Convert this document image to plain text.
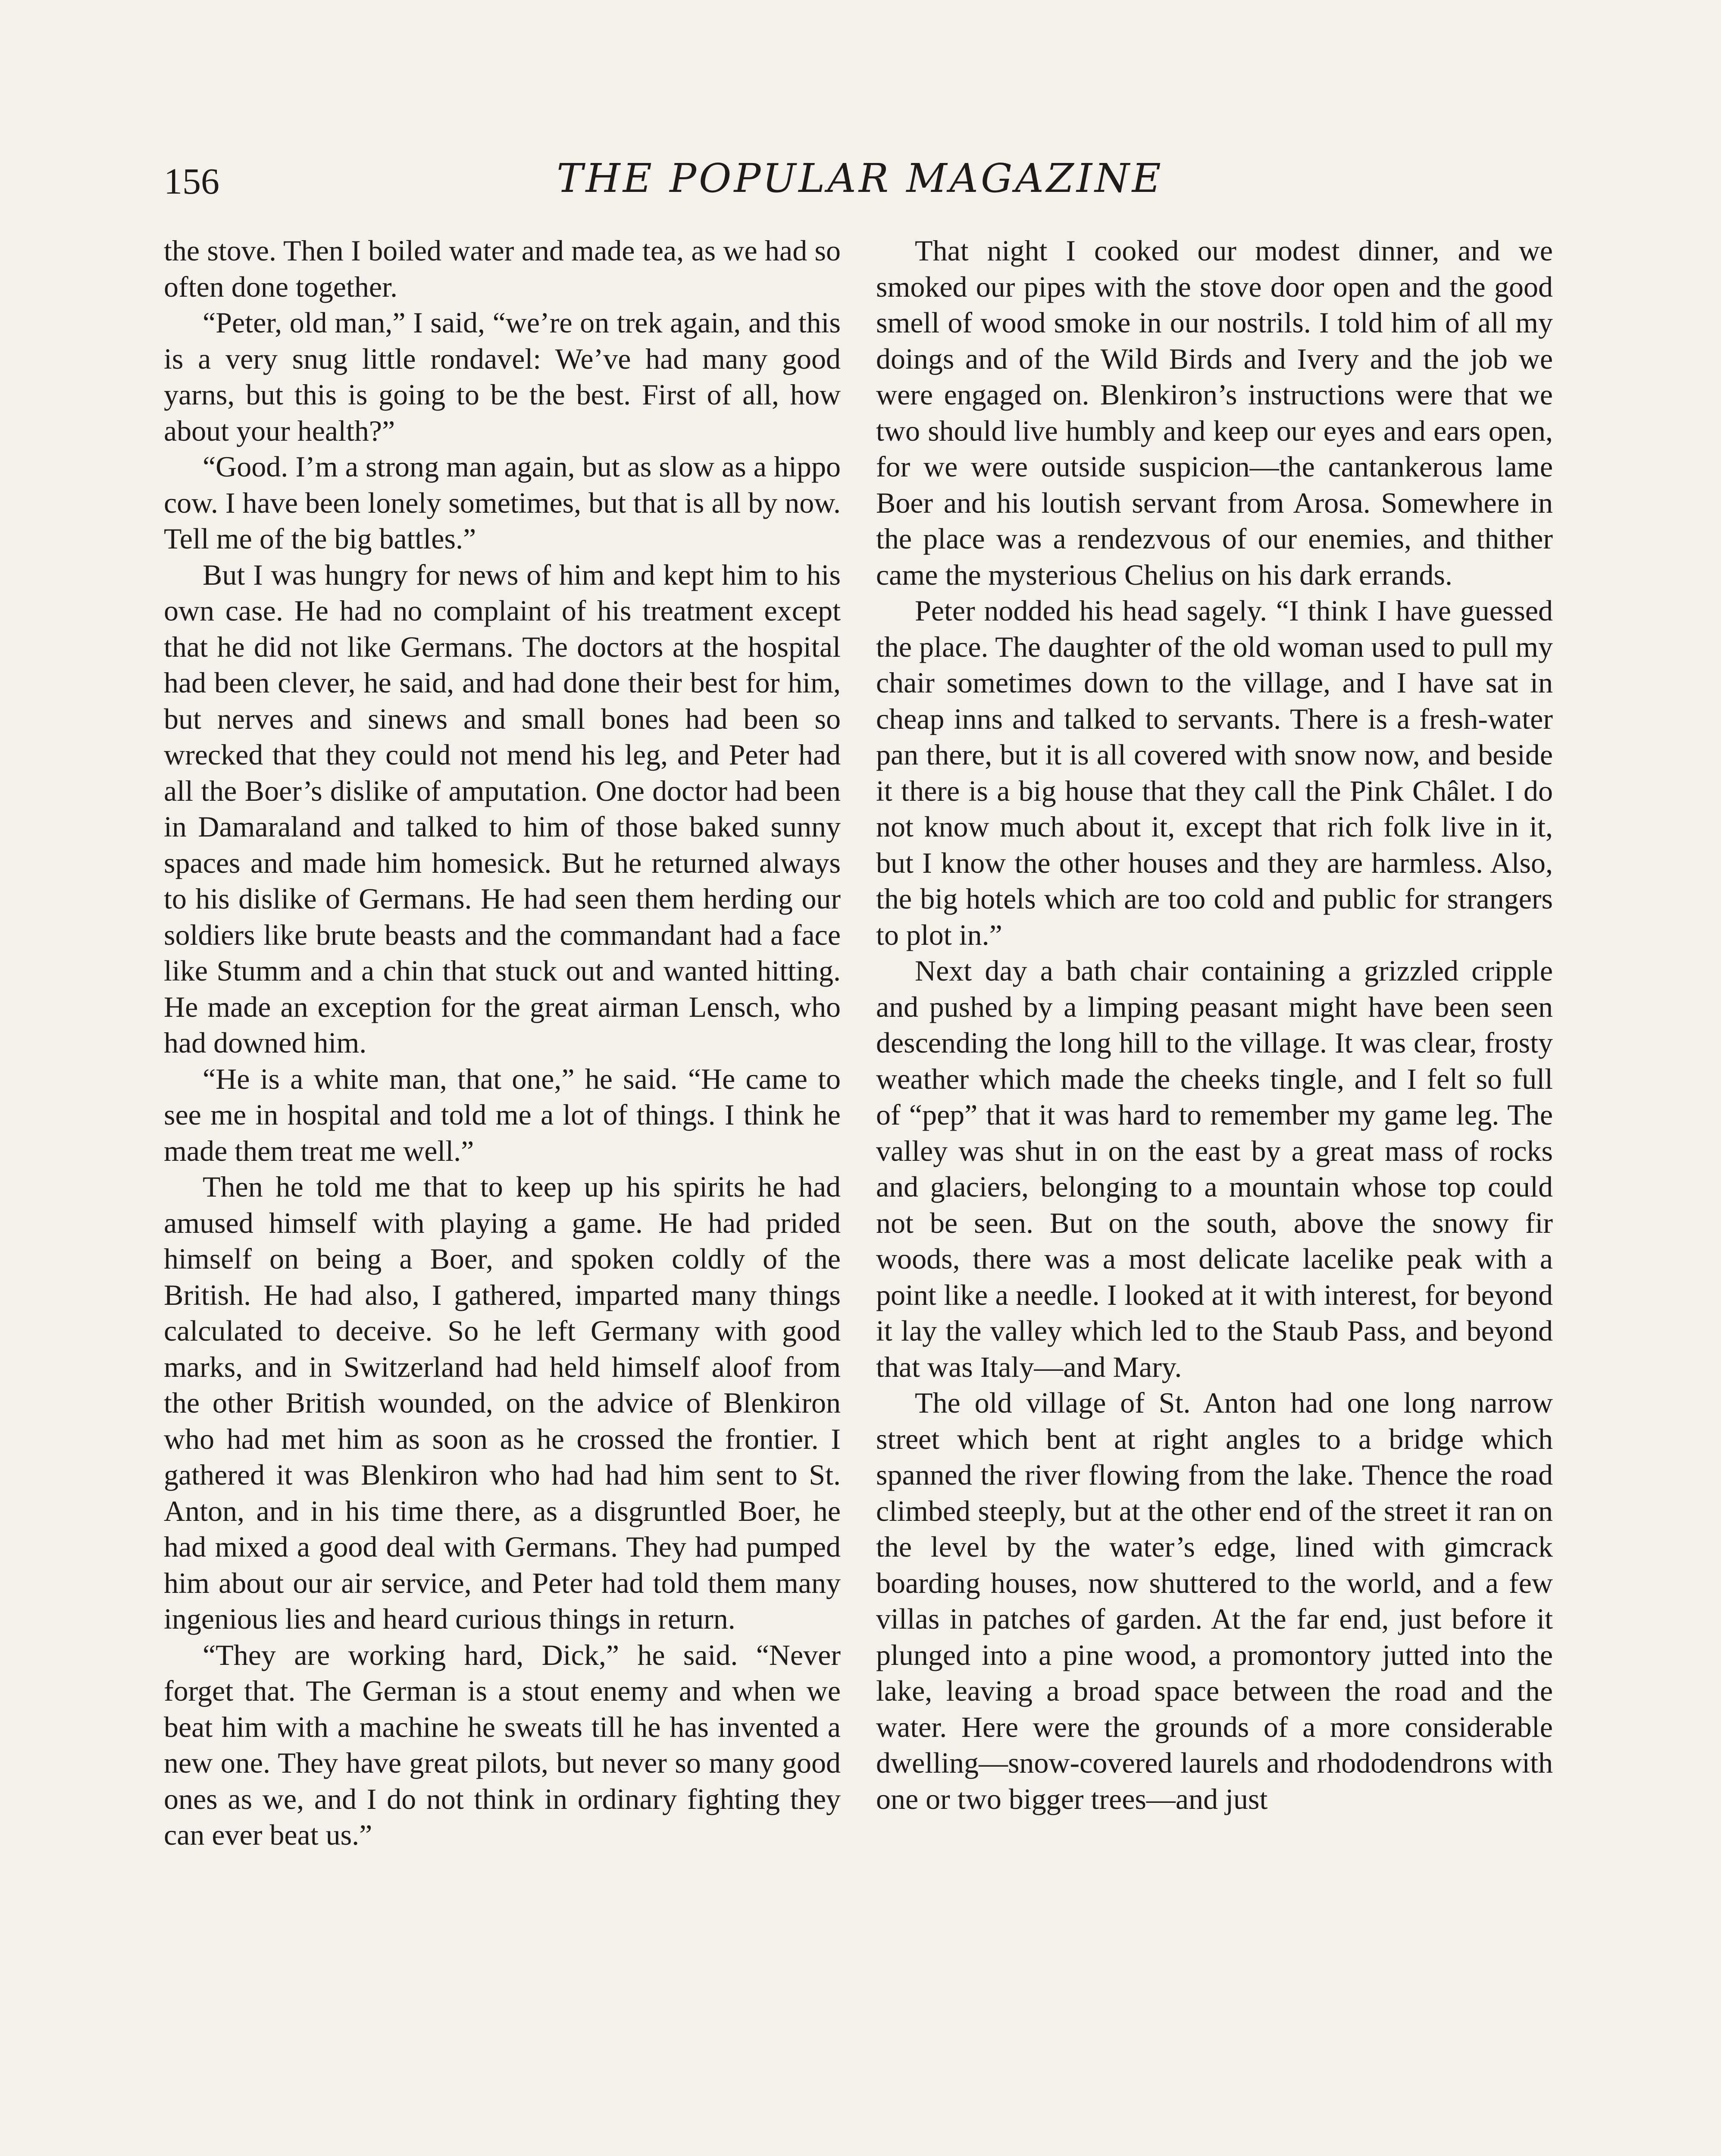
156	THE POPULAR MAGAZINE

the stove. Then I boiled water and made tea, as we had so often done together.

“Peter, old man,” I said, “we’re on trek again, and this is a very snug little rondavel: We’ve had many good yarns, but this is going to be the best. First of all, how about your health?”

“Good. I’m a strong man again, but as slow as a hippo cow. I have been lonely sometimes, but that is all by now. Tell me of the big battles.”

But I was hungry for news of him and kept him to his own case. He had no complaint of his treatment except that he did not like Germans. The doctors at the hospital had been clever, he said, and had done their best for him, but nerves and sinews and small bones had been so wrecked that they could not mend his leg, and Peter had all the Boer’s dislike of amputation. One doctor had been in Damaraland and talked to him of those baked sunny spaces and made him homesick. But he returned always to his dislike of Germans. He had seen them herding our soldiers like brute beasts and the commandant had a face like Stumm and a chin that stuck out and wanted hitting. He made an exception for the great airman Lensch, who had downed him.

“He is a white man, that one,” he said. “He came to see me in hospital and told me a lot of things. I think he made them treat me well.”

Then he told me that to keep up his spirits he had amused himself with playing a game. He had prided himself on being a Boer, and spoken coldly of the British. He had also, I gathered, imparted many things calculated to deceive. So he left Germany with good marks, and in Switzerland had held himself aloof from the other British wounded, on the advice of Blenkiron who had met him as soon as he crossed the frontier. I gathered it was Blenkiron who had had him sent to St. Anton, and in his time there, as a disgruntled Boer, he had mixed a good deal with Germans. They had pumped him about our air service, and Peter had told them many ingenious lies and heard curious things in return.

“They are working hard, Dick,” he said. “Never forget that. The German is a stout enemy and when we beat him with a machine he sweats till he has invented a new one. They have great pilots, but never so many good ones as we, and I do not think in ordinary fighting they can ever beat us.”

That night I cooked our modest dinner, and we smoked our pipes with the stove door open and the good smell of wood smoke in our nostrils. I told him of all my doings and of the Wild Birds and Ivery and the job we were engaged on. Blenkiron’s instructions were that we two should live humbly and keep our eyes and ears open, for we were outside suspicion—the cantankerous lame Boer and his loutish servant from Arosa. Somewhere in the place was a rendezvous of our enemies, and thither came the mysterious Chelius on his dark errands.

Peter nodded his head sagely. “I think I have guessed the place. The daughter of the old woman used to pull my chair sometimes down to the village, and I have sat in cheap inns and talked to servants. There is a fresh-water pan there, but it is all covered with snow now, and beside it there is a big house that they call the Pink Châlet. I do not know much about it, except that rich folk live in it, but I know the other houses and they are harmless. Also, the big hotels which are too cold and public for strangers to plot in.”

Next day a bath chair containing a grizzled cripple and pushed by a limping peasant might have been seen descending the long hill to the village. It was clear, frosty weather which made the cheeks tingle, and I felt so full of “pep” that it was hard to remember my game leg. The valley was shut in on the east by a great mass of rocks and glaciers, belonging to a mountain whose top could not be seen. But on the south, above the snowy fir woods, there was a most delicate lacelike peak with a point like a needle. I looked at it with interest, for beyond it lay the valley which led to the Staub Pass, and beyond that was Italy—and Mary.

The old village of St. Anton had one long narrow street which bent at right angles to a bridge which spanned the river flowing from the lake. Thence the road climbed steeply, but at the other end of the street it ran on the level by the water’s edge, lined with gimcrack boarding houses, now shuttered to the world, and a few villas in patches of garden. At the far end, just before it plunged into a pine wood, a promontory jutted into the lake, leaving a broad space between the road and the water. Here were the grounds of a more considerable dwelling—snow-covered laurels and rhododendrons with one or two bigger trees—and just
